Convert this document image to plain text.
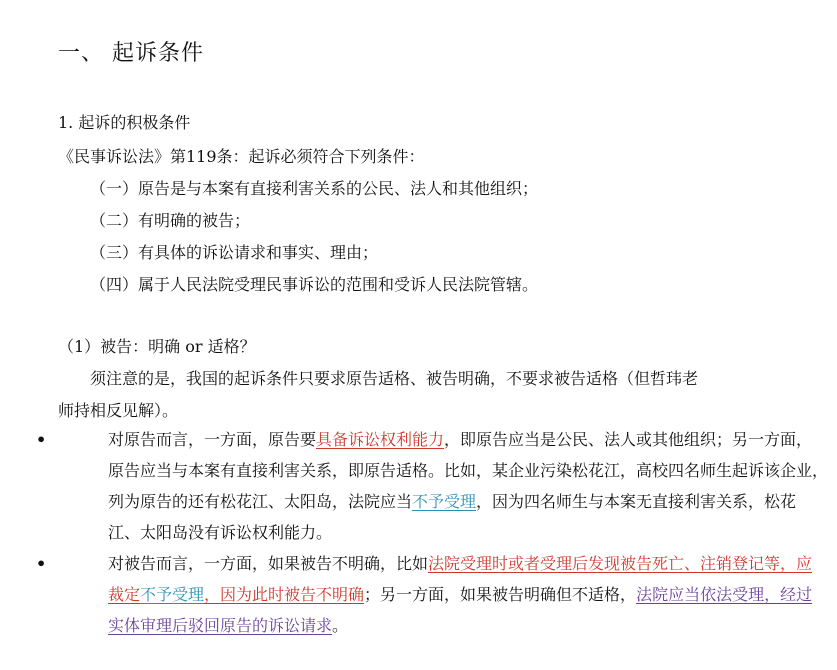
一、 起诉条件
1. 起诉的积极条件
《民事诉讼法》第119条：起诉必须符合下列条件：
（一）原告是与本案有直接利害关系的公民、法人和其他组织；
（二）有明确的被告；
（三）有具体的诉讼请求和事实、理由；
（四）属于人民法院受理民事诉讼的范围和受诉人民法院管辖。
（1）被告：明确 or 适格？
须注意的是，我国的起诉条件只要求原告适格、被告明确，不要求被告适格（但哲玮老
师持相反见解）。
•	对原告而言，一方面，原告要具备诉讼权利能力，即原告应当是公民、法人或其他组织；另一方面，原告应当与本案有直接利害关系，即原告适格。比如，某企业污染松花江，高校四名师生起诉该企业，列为原告的还有松花江、太阳岛，法院应当不予受理，因为四名师生与本案无直接利害关系，松花江、太阳岛没有诉讼权利能力。
•	对被告而言，一方面，如果被告不明确，比如法院受理时或者受理后发现被告死亡、注销登记等，应裁定不予受理，因为此时被告不明确；另一方面，如果被告明确但不适格，法院应当依法受理，经过实体审理后驳回原告的诉讼请求。
